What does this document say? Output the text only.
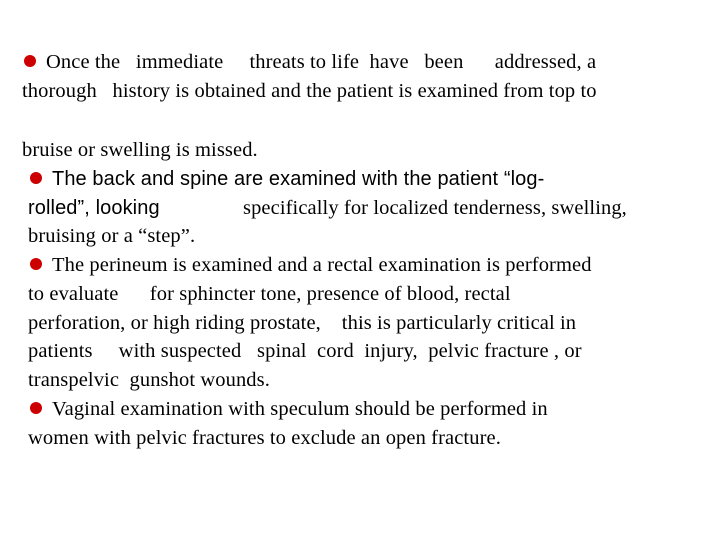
Once the   immediate     threats to life  have   been      addressed, a
thorough   history is obtained and the patient is examined from top to
bruise or swelling is missed.
The back and spine are examined with the patient “log-
rolled”, looking	specifically for localized tenderness, swelling,
bruising or a “step”.
The perineum is examined and a rectal examination is performed
to evaluate      for sphincter tone, presence of blood, rectal
perforation, or high riding prostate,    this is particularly critical in
patients     with suspected   spinal  cord  injury,  pelvic fracture , or
transpelvic  gunshot wounds.
Vaginal examination with speculum should be performed in
women with pelvic fractures to exclude an open fracture.
